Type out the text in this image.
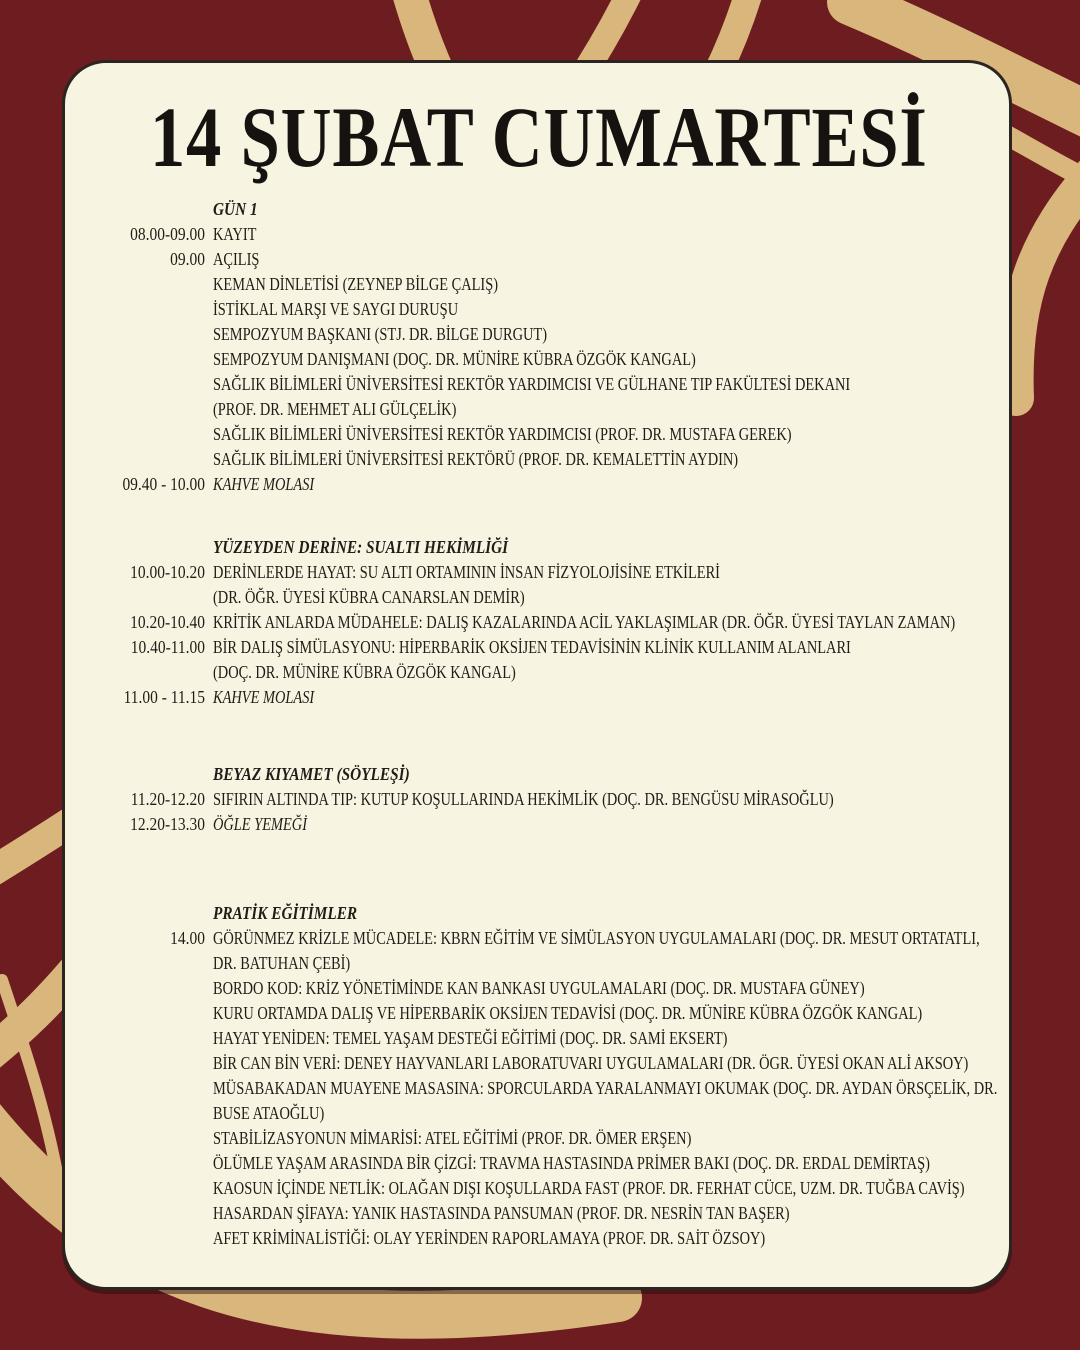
14 ŞUBAT CUMARTESİ
GÜN 1
08.00-09.00 KAYIT
09.00 AÇILIŞ
KEMAN DİNLETİSİ (ZEYNEP BİLGE ÇALIŞ)
İSTİKLAL MARŞI VE SAYGI DURUŞU
SEMPOZYUM BAŞKANI (STJ. DR. BİLGE DURGUT)
SEMPOZYUM DANIŞMANI (DOÇ. DR. MÜNİRE KÜBRA ÖZGÖK KANGAL)
SAĞLIK BİLİMLERİ ÜNİVERSİTESİ REKTÖR YARDIMCISI VE GÜLHANE TIP FAKÜLTESİ DEKANI
(PROF. DR. MEHMET ALI GÜLÇELİK)
SAĞLIK BİLİMLERİ ÜNİVERSİTESİ REKTÖR YARDIMCISI (PROF. DR. MUSTAFA GEREK)
SAĞLIK BİLİMLERİ ÜNİVERSİTESİ REKTÖRÜ (PROF. DR. KEMALETTİN AYDIN)
09.40 - 10.00 KAHVE MOLASI
YÜZEYDEN DERİNE: SUALTI HEKİMLİĞİ
10.00-10.20 DERİNLERDE HAYAT: SU ALTI ORTAMININ İNSAN FİZYOLOJİSİNE ETKİLERİ
(DR. ÖĞR. ÜYESİ KÜBRA CANARSLAN DEMİR)
10.20-10.40 KRİTİK ANLARDA MÜDAHELE: DALIŞ KAZALARINDA ACİL YAKLAŞIMLAR (DR. ÖĞR. ÜYESİ TAYLAN ZAMAN)
10.40-11.00 BİR DALIŞ SİMÜLASYONU: HİPERBARİK OKSİJEN TEDAVİSİNİN KLİNİK KULLANIM ALANLARI
(DOÇ. DR. MÜNİRE KÜBRA ÖZGÖK KANGAL)
11.00 - 11.15 KAHVE MOLASI
BEYAZ KIYAMET (SÖYLEŞİ)
11.20-12.20 SIFIRIN ALTINDA TIP: KUTUP KOŞULLARINDA HEKİMLİK (DOÇ. DR. BENGÜSU MİRASOĞLU)
12.20-13.30 ÖĞLE YEMEĞİ
PRATİK EĞİTİMLER
14.00 GÖRÜNMEZ KRİZLE MÜCADELE: KBRN EĞİTİM VE SİMÜLASYON UYGULAMALARI (DOÇ. DR. MESUT ORTATATLI,
DR. BATUHAN ÇEBİ)
BORDO KOD: KRİZ YÖNETİMİNDE KAN BANKASI UYGULAMALARI (DOÇ. DR. MUSTAFA GÜNEY)
KURU ORTAMDA DALIŞ VE HİPERBARİK OKSİJEN TEDAVİSİ (DOÇ. DR. MÜNİRE KÜBRA ÖZGÖK KANGAL)
HAYAT YENİDEN: TEMEL YAŞAM DESTEĞİ EĞİTİMİ (DOÇ. DR. SAMİ EKSERT)
BİR CAN BİN VERİ: DENEY HAYVANLARI LABORATUVARI UYGULAMALARI (DR. ÖGR. ÜYESİ OKAN ALİ AKSOY)
MÜSABAKADAN MUAYENE MASASINA: SPORCULARDA YARALANMAYI OKUMAK (DOÇ. DR. AYDAN ÖRSÇELİK, DR.
BUSE ATAOĞLU)
STABİLİZASYONUN MİMARİSİ: ATEL EĞİTİMİ (PROF. DR. ÖMER ERŞEN)
ÖLÜMLE YAŞAM ARASINDA BİR ÇİZGİ: TRAVMA HASTASINDA PRİMER BAKI (DOÇ. DR. ERDAL DEMİRTAŞ)
KAOSUN İÇİNDE NETLİK: OLAĞAN DIŞI KOŞULLARDA FAST (PROF. DR. FERHAT CÜCE, UZM. DR. TUĞBA CAVİŞ)
HASARDAN ŞİFAYA: YANIK HASTASINDA PANSUMAN (PROF. DR. NESRİN TAN BAŞER)
AFET KRİMİNALİSTİĞİ: OLAY YERİNDEN RAPORLAMAYA (PROF. DR. SAİT ÖZSOY)
